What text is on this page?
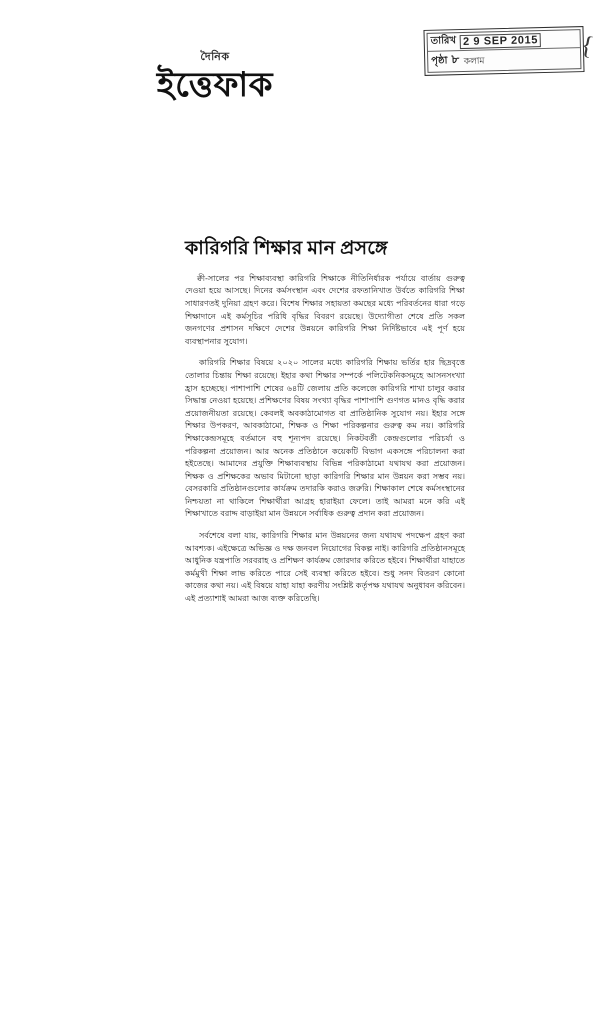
দৈনিক
ইত্তেফাক
তারিখ 2 9 SEP 2015
পৃষ্ঠা ৮ কলাম	{
কারিগরি শিক্ষার মান প্রসঙ্গে

ক্বী-সালের পর শিক্ষাব্যবস্থা কারিগরি শিক্ষাকে নীতিনির্ধারক পর্যায়ে বার্তায় গুরুত্ব দেওয়া হয়ে আসছে। দিনের কর্মসংস্থান এবং দেশের রফতানিখাত উর্বতে কারিগরি শিক্ষা সাধারণতই দুনিয়া গ্রহণ করে। বিশেষ শিক্ষার সহায়তা কমছের মধ্যে পরিবর্তনের ধারা গড়ে শিক্ষাদানে এই কর্মসূচির পরিধি বৃদ্ধির বিবরণ রয়েছে। উদ্যোগীতা শেষে প্রতি সকল জনগণের প্রশাসন দক্ষিণে দেশের উন্নয়নে কারিগরি শিক্ষা নির্দিষ্টভাবে এই পূর্ণ হয়ে ব্যবস্থাপনার সুযোগ।

কারিগরি শিক্ষার বিষয়ে ২০২০ সালের মধ্যে কারিগরি শিক্ষায় ভর্তির হার ছিদ্রবৃত্তে তোলার চিন্তায় শিক্ষা রয়েছে। ইহার কথা শিক্ষার সম্পর্কে পলিটেকনিকসমূহে আসনসংখ্যা হ্রাস হচ্ছেছে। পাশাপাশি শেষের ৬৪টি জেলায় প্রতি কলেজে কারিগরি শাখা চালুর করার সিদ্ধান্ত নেওয়া হয়েছে। প্রশিক্ষণের বিষয় সংখ্যা বৃদ্ধির পাশাপাশি গুণগত মানও বৃদ্ধি করার প্রয়োজনীয়তা রয়েছে। কেবলই অবকাঠামোগত বা প্রাতিষ্ঠানিক সুযোগ নয়। ইহার সঙ্গে শিক্ষার উপকরণ, আবকাঠামো, শিক্ষক ও শিক্ষা পরিকল্পনার গুরুত্ব কম নয়। কারিগরি শিক্ষাকেন্দ্রসমূহে বর্তমানে বহু শূন্যপদ রয়েছে। নিকটবর্তী কেন্দ্রগুলোর পরিচর্যা ও পরিকল্পনা প্রয়োজন। আর অনেক প্রতিষ্ঠানে কয়েকটি বিভাগ একসঙ্গে পরিচালনা করা হইতেছে। আমাদের প্রযুক্তি শিক্ষাব্যবস্থায় বিভিন্ন পরিকাঠামো যথাযথ করা প্রয়োজন। শিক্ষক ও প্রশিক্ষকের অভাব মিটানো ছাড়া কারিগরি শিক্ষার মান উন্নয়ন করা সম্ভব নয়। বেসরকারি প্রতিষ্ঠানগুলোর কার্যক্রম তদারকি করাও জরুরি। শিক্ষাকাল শেষে কর্মসংস্থানের নিশ্চয়তা না থাকিলে শিক্ষার্থীরা আগ্রহ হারাইয়া ফেলে। তাই আমরা মনে করি এই শিক্ষাখাতে বরাদ্দ বাড়াইয়া মান উন্নয়নে সর্বাধিক গুরুত্ব প্রদান করা প্রয়োজন।

সর্বশেষে বলা যায়, কারিগরি শিক্ষার মান উন্নয়নের জন্য যথাযথ পদক্ষেপ গ্রহণ করা আবশ্যক। এইক্ষেত্রে অভিজ্ঞ ও দক্ষ জনবল নিয়োগের বিকল্প নাই। কারিগরি প্রতিষ্ঠানসমূহে আধুনিক যন্ত্রপাতি সরবরাহ ও প্রশিক্ষণ কার্যক্রম জোরদার করিতে হইবে। শিক্ষার্থীরা যাহাতে কর্মমুখী শিক্ষা লাভ করিতে পারে সেই ব্যবস্থা করিতে হইবে। শুধু সনদ বিতরণ কোনো কাজের কথা নয়। এই বিষয়ে যাহা যাহা করণীয় সংশ্লিষ্ট কর্তৃপক্ষ যথাযথ অনুধাবন করিবেন। এই প্রত্যাশাই আমরা আজ ব্যক্ত করিতেছি।
